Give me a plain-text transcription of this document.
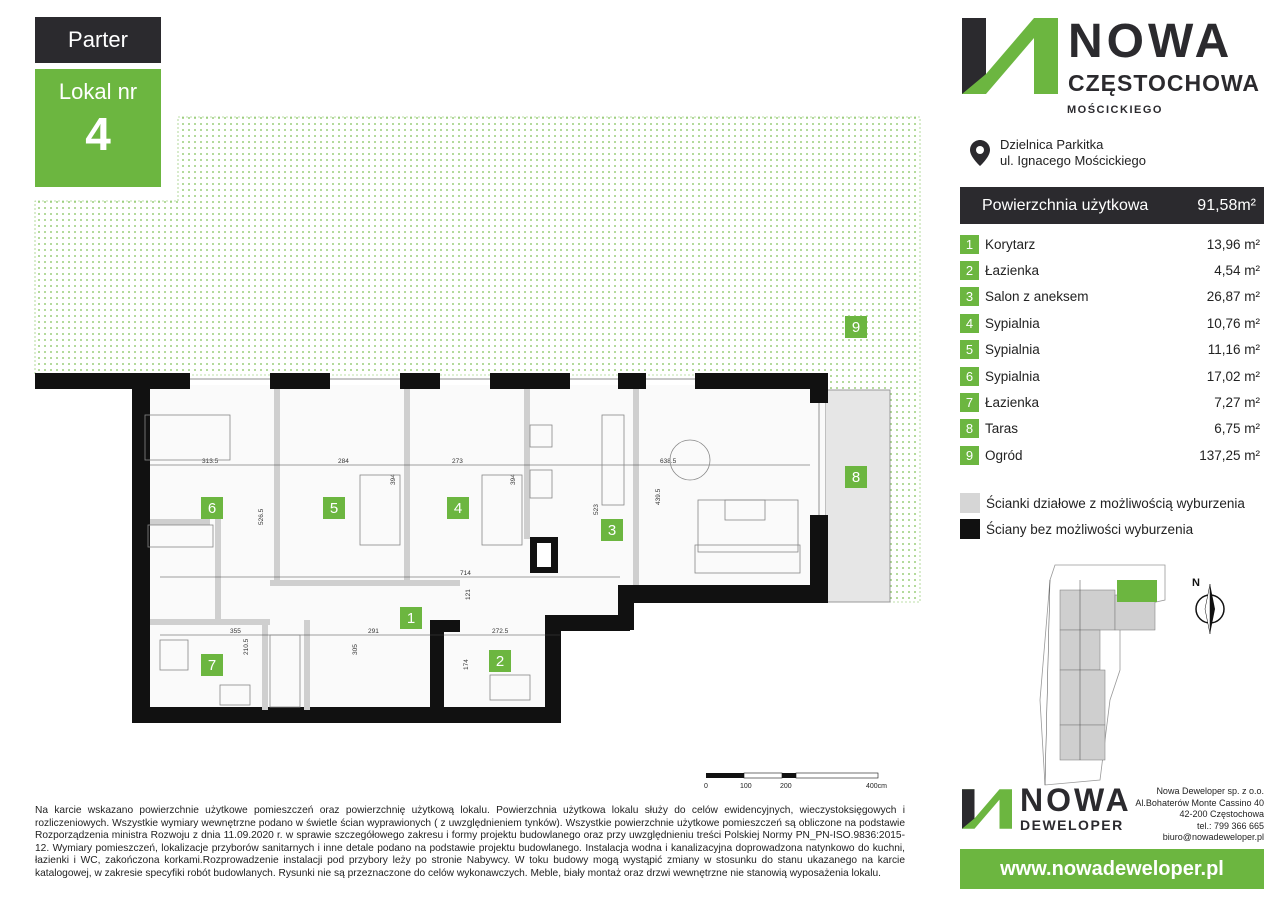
Parter
Lokal nr
4
313.5	284	273	638.5
526.5
394	394
523
439.5
714
121
355	291	272.5
305
174
210.5
1
2
3
4
5
6
7
8
9
NOWA
CZĘSTOCHOWA
MOŚCICKIEGO
Dzielnica Parkitka
ul. Ignacego Mościckiego
Powierzchnia użytkowa	91,58m²
1 Korytarz	13,96 m²
2 Łazienka	4,54 m²
3 Salon z aneksem	26,87 m²
4 Sypialnia	10,76 m²
5 Sypialnia	11,16 m²
6 Sypialnia	17,02 m²
7 Łazienka	7,27 m²
8 Taras	6,75 m²
9 Ogród	137,25 m²
Ścianki działowe z możliwością wyburzenia
Ściany bez możliwości wyburzenia
N
0	100	200	400cm
Na karcie wskazano powierzchnie użytkowe pomieszczeń oraz powierzchnię użytkową lokalu. Powierzchnia użytkowa lokalu służy do celów ewidencyjnych, wieczystoksięgowych i rozliczeniowych. Wszystkie wymiary wewnętrzne podano w świetle ścian wyprawionych ( z uwzględnieniem tynków). Wszystkie powierzchnie użytkowe pomieszczeń są obliczone na podstawie Rozporządzenia ministra Rozwoju z dnia 11.09.2020 r. w sprawie szczegółowego zakresu i formy projektu budowlanego oraz przy uwzględnieniu treści Polskiej Normy PN_PN-ISO.9836:2015-12. Wymiary pomieszczeń, lokalizacje przyborów sanitarnych i inne detale podano na podstawie projektu budowlanego. Instalacja wodna i kanalizacyjna doprowadzona natynkowo do kuchni, łazienki i WC, zakończona korkami.Rozprowadzenie instalacji pod przybory leży po stronie Nabywcy. W toku budowy mogą wystąpić zmiany w stosunku do stanu ukazanego na karcie katalogowej, w zakresie specyfiki robót budowlanych. Rysunki nie są przeznaczone do celów wykonawczych. Meble, biały montaż oraz drzwi wewnętrzne nie stanowią wyposażenia lokalu.
NOWA
DEWELOPER
Nowa Deweloper sp. z o.o.
Al.Bohaterów Monte Cassino 40
42-200 Częstochowa
tel.: 799 366 665
biuro@nowadeweloper.pl
www.nowadeweloper.pl
